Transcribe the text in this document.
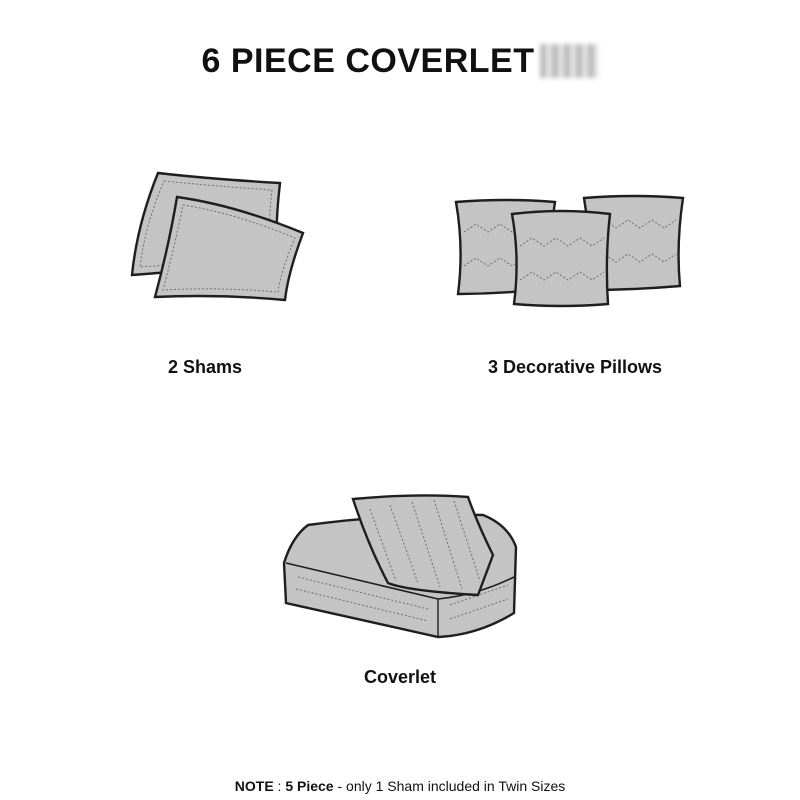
6 PIECE COVERLET
2 Shams	3 Decorative Pillows
Coverlet
NOTE : 5 Piece - only 1 Sham included in Twin Sizes
